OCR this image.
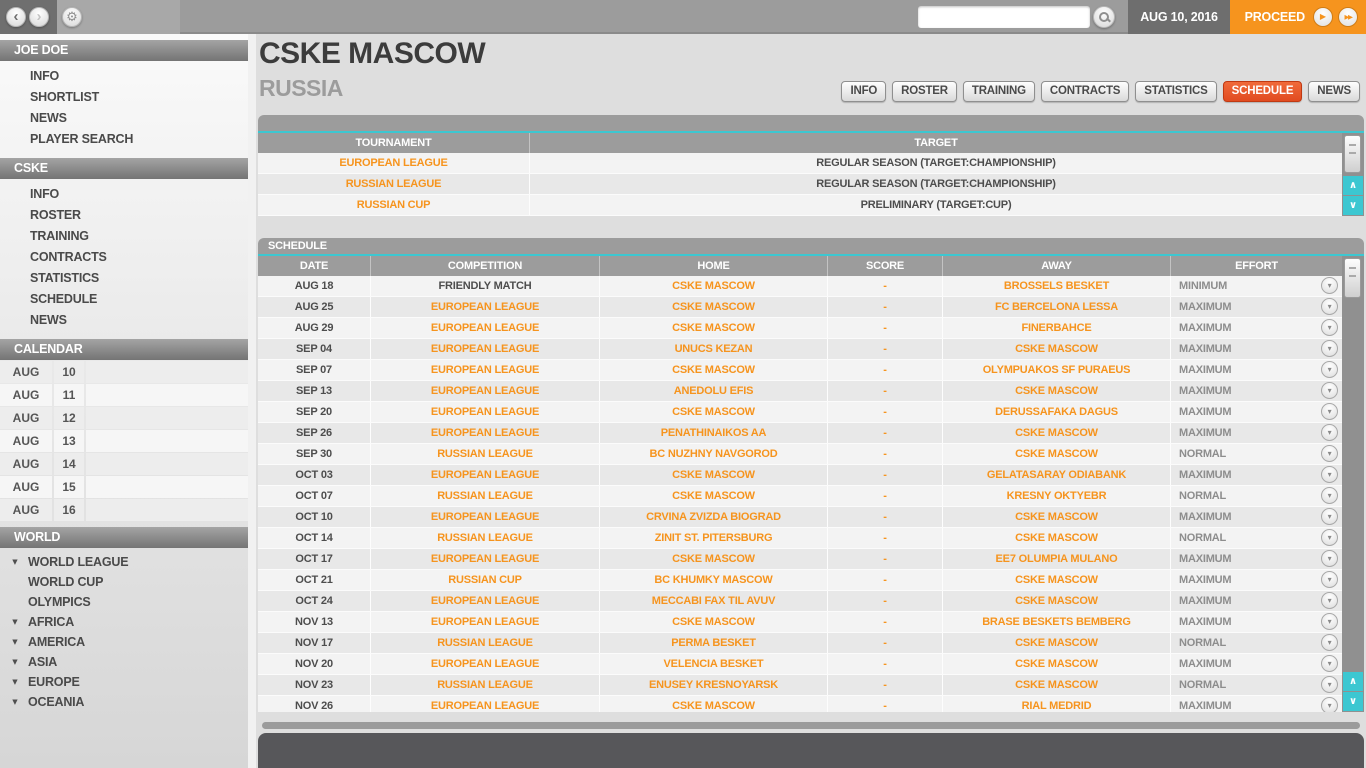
‹ › ⚙	AUG 10, 2016	PROCEED ▶	▶▶
JOE DOE
INFO
SHORTLIST
NEWS
PLAYER SEARCH
CSKE
INFO
ROSTER
TRAINING
CONTRACTS
STATISTICS
SCHEDULE
NEWS
CALENDAR
AUG	10
AUG	11
AUG	12
AUG	13
AUG	14
AUG	15
AUG	16
WORLD
▼ WORLD LEAGUE
WORLD CUP
OLYMPICS
▼ AFRICA
▼ AMERICA
▼ ASIA
▼ EUROPE
▼ OCEANIA
CSKE MASCOW
RUSSIA	INFO	ROSTER	TRAINING	CONTRACTS	STATISTICS	SCHEDULE	NEWS
TOURNAMENT	TARGET
EUROPEAN LEAGUE	REGULAR SEASON (TARGET:CHAMPIONSHIP)
RUSSIAN LEAGUE	REGULAR SEASON (TARGET:CHAMPIONSHIP)
RUSSIAN CUP	PRELIMINARY (TARGET:CUP)
∧
∨
SCHEDULE
DATE	COMPETITION	HOME	SCORE	AWAY	EFFORT
AUG 18	FRIENDLY MATCH	CSKE MASCOW	-	BROSSELS BESKET	MINIMUM	▾
AUG 25	EUROPEAN LEAGUE	CSKE MASCOW	-	FC BERCELONA LESSA	MAXIMUM	▾
AUG 29	EUROPEAN LEAGUE	CSKE MASCOW	-	FINERBAHCE	MAXIMUM	▾
SEP 04	EUROPEAN LEAGUE	UNUCS KEZAN	-	CSKE MASCOW	MAXIMUM	▾
SEP 07	EUROPEAN LEAGUE	CSKE MASCOW	-	OLYMPUAKOS SF PURAEUS	MAXIMUM	▾
SEP 13	EUROPEAN LEAGUE	ANEDOLU EFIS	-	CSKE MASCOW	MAXIMUM	▾
SEP 20	EUROPEAN LEAGUE	CSKE MASCOW	-	DERUSSAFAKA DAGUS	MAXIMUM	▾
SEP 26	EUROPEAN LEAGUE	PENATHINAIKOS AA	-	CSKE MASCOW	MAXIMUM	▾
SEP 30	RUSSIAN LEAGUE	BC NUZHNY NAVGOROD	-	CSKE MASCOW	NORMAL	▾
OCT 03	EUROPEAN LEAGUE	CSKE MASCOW	-	GELATASARAY ODIABANK	MAXIMUM	▾
OCT 07	RUSSIAN LEAGUE	CSKE MASCOW	-	KRESNY OKTYEBR	NORMAL	▾
OCT 10	EUROPEAN LEAGUE	CRVINA ZVIZDA BIOGRAD	-	CSKE MASCOW	MAXIMUM	▾
OCT 14	RUSSIAN LEAGUE	ZINIT ST. PITERSBURG	-	CSKE MASCOW	NORMAL	▾
OCT 17	EUROPEAN LEAGUE	CSKE MASCOW	-	EE7 OLUMPIA MULANO	MAXIMUM	▾
OCT 21	RUSSIAN CUP	BC KHUMKY MASCOW	-	CSKE MASCOW	MAXIMUM	▾
OCT 24	EUROPEAN LEAGUE	MECCABI FAX TIL AVUV	-	CSKE MASCOW	MAXIMUM	▾
NOV 13	EUROPEAN LEAGUE	CSKE MASCOW	-	BRASE BESKETS BEMBERG	MAXIMUM	▾
NOV 17	RUSSIAN LEAGUE	PERMA BESKET	-	CSKE MASCOW	NORMAL	▾
NOV 20	EUROPEAN LEAGUE	VELENCIA BESKET	-	CSKE MASCOW	MAXIMUM	▾
NOV 23	RUSSIAN LEAGUE	ENUSEY KRESNOYARSK	-	CSKE MASCOW	NORMAL	▾
NOV 26	EUROPEAN LEAGUE	CSKE MASCOW	-	RIAL MEDRID	MAXIMUM	▾
∧
∨
